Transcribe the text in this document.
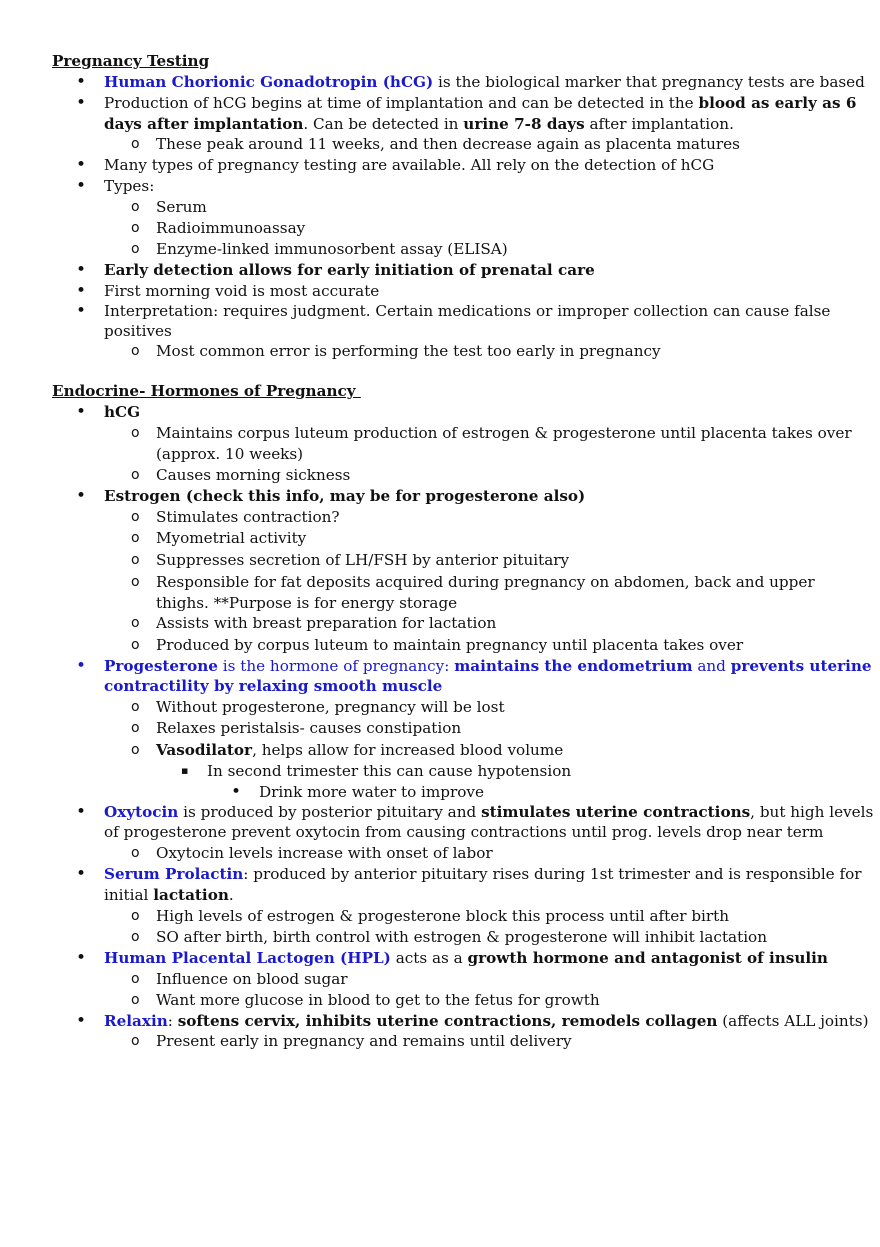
Pregnancy Testing
• Human Chorionic Gonadotropin (hCG) is the biological marker that pregnancy tests are based
• Production of hCG begins at time of implantation and can be detected in the blood as early as 6
days after implantation. Can be detected in urine 7-8 days after implantation.
o These peak around 11 weeks, and then decrease again as placenta matures
• Many types of pregnancy testing are available. All rely on the detection of hCG
• Types:
o Serum
o Radioimmunoassay
o Enzyme-linked immunosorbent assay (ELISA)
• Early detection allows for early initiation of prenatal care
• First morning void is most accurate
• Interpretation: requires judgment. Certain medications or improper collection can cause false
positives
o Most common error is performing the test too early in pregnancy
Endocrine- Hormones of Pregnancy
• hCG
o Maintains corpus luteum production of estrogen & progesterone until placenta takes over
(approx. 10 weeks)
o Causes morning sickness
• Estrogen (check this info, may be for progesterone also)
o Stimulates contraction?
o Myometrial activity
o Suppresses secretion of LH/FSH by anterior pituitary
o Responsible for fat deposits acquired during pregnancy on abdomen, back and upper
thighs. **Purpose is for energy storage
o Assists with breast preparation for lactation
o Produced by corpus luteum to maintain pregnancy until placenta takes over
• Progesterone is the hormone of pregnancy: maintains the endometrium and prevents uterine
contractility by relaxing smooth muscle
o Without progesterone, pregnancy will be lost
o Relaxes peristalsis- causes constipation
o Vasodilator, helps allow for increased blood volume
▪ In second trimester this can cause hypotension
• Drink more water to improve
• Oxytocin is produced by posterior pituitary and stimulates uterine contractions, but high levels
of progesterone prevent oxytocin from causing contractions until prog. levels drop near term
o Oxytocin levels increase with onset of labor
• Serum Prolactin: produced by anterior pituitary rises during 1st trimester and is responsible for
initial lactation.
o High levels of estrogen & progesterone block this process until after birth
o SO after birth, birth control with estrogen & progesterone will inhibit lactation
• Human Placental Lactogen (HPL) acts as a growth hormone and antagonist of insulin
o Influence on blood sugar
o Want more glucose in blood to get to the fetus for growth
• Relaxin: softens cervix, inhibits uterine contractions, remodels collagen (affects ALL joints)
o Present early in pregnancy and remains until delivery
